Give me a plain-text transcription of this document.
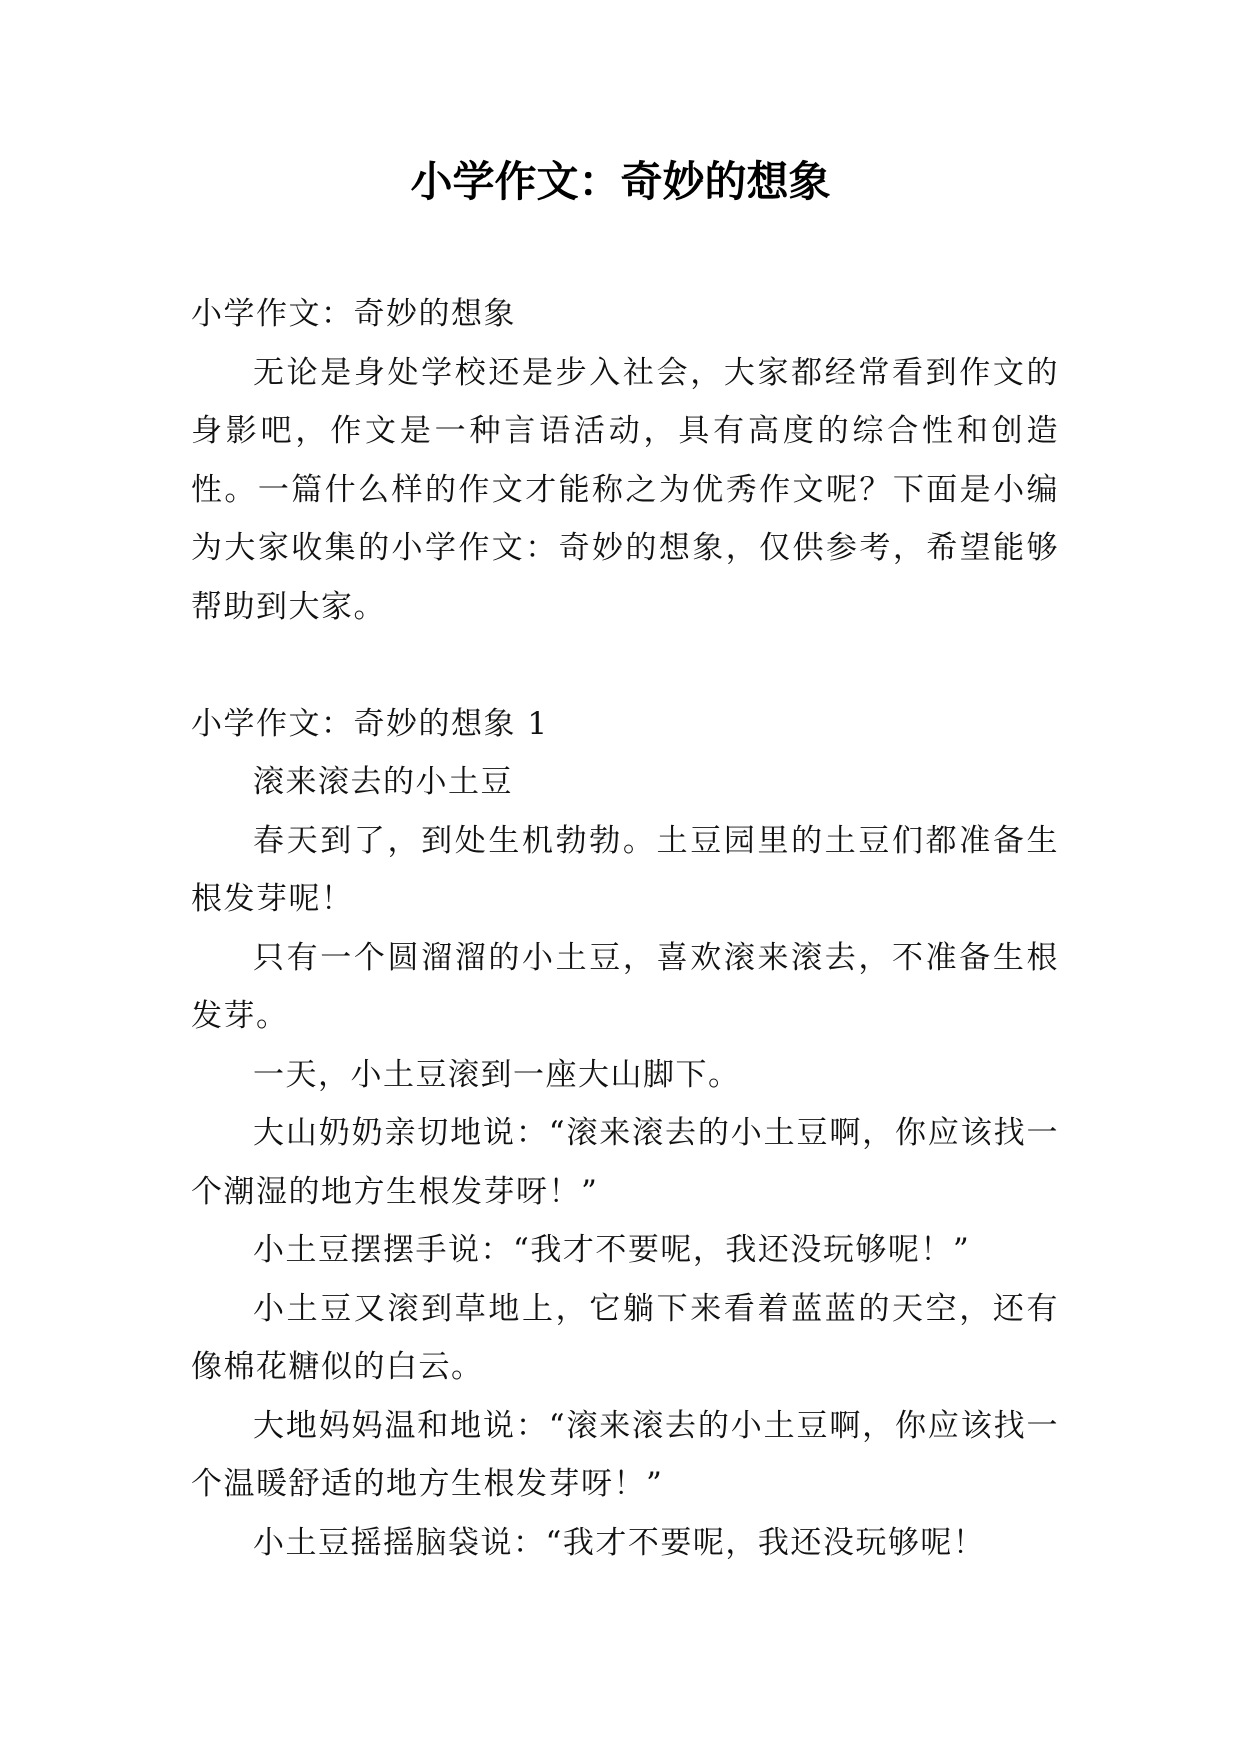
小学作文：奇妙的想象

小学作文：奇妙的想象

无论是身处学校还是步入社会，大家都经常看到作文的身影吧，作文是一种言语活动，具有高度的综合性和创造性。一篇什么样的作文才能称之为优秀作文呢？下面是小编为大家收集的小学作文：奇妙的想象，仅供参考，希望能够帮助到大家。

小学作文：奇妙的想象 1

滚来滚去的小土豆

春天到了，到处生机勃勃。土豆园里的土豆们都准备生根发芽呢！

只有一个圆溜溜的小土豆，喜欢滚来滚去，不准备生根发芽。

一天，小土豆滚到一座大山脚下。

大山奶奶亲切地说：“滚来滚去的小土豆啊，你应该找一个潮湿的地方生根发芽呀！”

小土豆摆摆手说：“我才不要呢，我还没玩够呢！”

小土豆又滚到草地上，它躺下来看着蓝蓝的天空，还有像棉花糖似的白云。

大地妈妈温和地说：“滚来滚去的小土豆啊，你应该找一个温暖舒适的地方生根发芽呀！”

小土豆摇摇脑袋说：“我才不要呢，我还没玩够呢！
